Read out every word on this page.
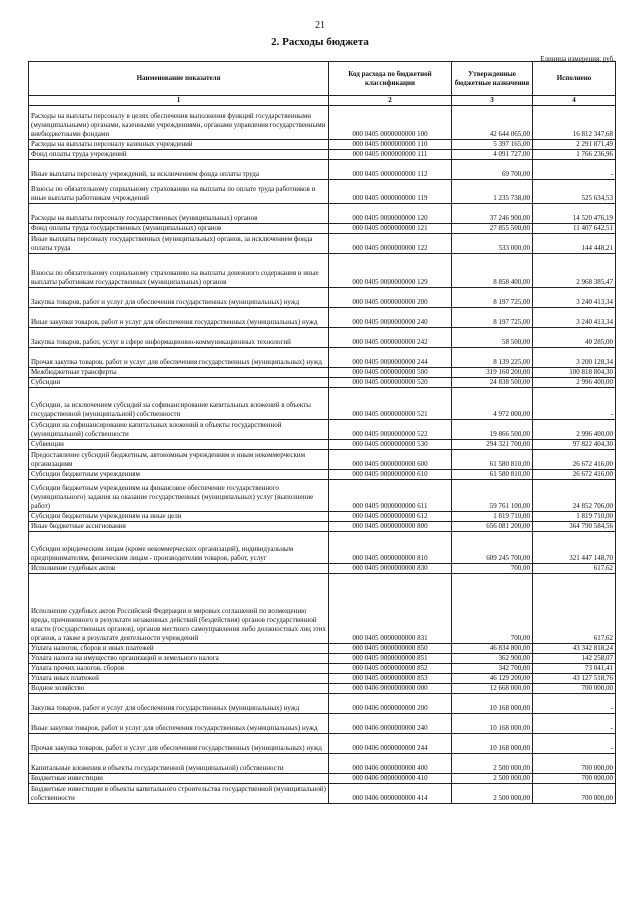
21
2. Расходы бюджета
Единица измерения: руб.
Наименование показателя	Код расхода по бюджетной классификации	Утвержденные бюджетные назначения	Исполнено
1	2	3	4
Расходы на выплаты персоналу в целях обеспечения выполнения функций государственными (муниципальными) органами, казенными учреждениями, органами управления государственными внебюджетными фондами	000 0405 0000000000 100	42 644 065,00	16 812 347,68
Расходы на выплаты персоналу казенных учреждений	000 0405 0000000000 110	5 397 165,00	2 291 871,49
Фонд оплаты труда учреждений	000 0405 0000000000 111	4 091 727,00	1 766 236,96
Иные выплаты персоналу учреждений, за исключением фонда оплаты труда	000 0405 0000000000 112	69 700,00	-
Взносы по обязательному социальному страхованию на выплаты по оплате труда работников и иные выплаты работникам учреждений	000 0405 0000000000 119	1 235 738,00	525 634,53
Расходы на выплаты персоналу государственных (муниципальных) органов	000 0405 0000000000 120	37 246 900,00	14 520 476,19
Фонд оплаты труда государственных (муниципальных) органов	000 0405 0000000000 121	27 855 500,00	11 407 642,51
Иные выплаты персоналу государственных (муниципальных) органов, за исключением фонда оплаты труда	000 0405 0000000000 122	533 000,00	144 448,21
Взносы по обязательному социальному страхованию на выплаты денежного содержания и иные выплаты работникам государственных (муниципальных) органов	000 0405 0000000000 129	8 858 400,00	2 968 385,47
Закупка товаров, работ и услуг для обеспечения государственных (муниципальных) нужд	000 0405 0000000000 200	8 197 725,00	3 240 413,34
Иные закупки товаров, работ и услуг для обеспечения государственных (муниципальных) нужд	000 0405 0000000000 240	8 197 725,00	3 240 413,34
Закупка товаров, работ, услуг в сфере информационно-коммуникационных технологий	000 0405 0000000000 242	58 500,00	40 285,00
Прочая закупка товаров, работ и услуг для обеспечения государственных (муниципальных) нужд	000 0405 0000000000 244	8 139 225,00	3 200 128,34
Межбюджетные трансферты	000 0405 0000000000 500	319 160 200,00	100 818 804,30
Субсидии	000 0405 0000000000 520	24 838 500,00	2 996 400,00
Субсидии, за исключением субсидий на софинансирование капитальных вложений в объекты государственной (муниципальной) собственности	000 0405 0000000000 521	4 972 000,00	-
Субсидии на софинансирование капитальных вложений в объекты государственной (муниципальной) собственности	000 0405 0000000000 522	19 866 500,00	2 996 400,00
Субвенции	000 0405 0000000000 530	294 321 700,00	97 822 404,30
Предоставление субсидий бюджетным, автономным учреждениям и иным некоммерческим организациям	000 0405 0000000000 600	61 580 810,00	26 672 416,00
Субсидии бюджетным учреждениям	000 0405 0000000000 610	61 580 810,00	26 672 416,00
Субсидии бюджетным учреждениям на финансовое обеспечение государственного (муниципального) задания на оказание государственных (муниципальных) услуг (выполнение работ)	000 0405 0000000000 611	59 761 100,00	24 852 706,00
Субсидии бюджетным учреждениям на иные цели	000 0405 0000000000 612	1 819 710,00	1 819 710,00
Иные бюджетные ассигнования	000 0405 0000000000 800	656 081 200,00	364 790 584,56
Субсидии юридическим лицам (кроме некоммерческих организаций), индивидуальным предпринимателям, физическим лицам - производителям товаров, работ, услуг	000 0405 0000000000 810	609 245 700,00	321 447 148,70
Исполнение судебных актов	000 0405 0000000000 830	700,00	617,62
Исполнение судебных актов Российской Федерации и мировых соглашений по возмещению вреда, причиненного в результате незаконных действий (бездействия) органов государственной власти (государственных органов), органов местного самоуправления либо должностных лиц этих органов, а также в результате деятельности учреждений	000 0405 0000000000 831	700,00	617,62
Уплата налогов, сборов и иных платежей	000 0405 0000000000 850	46 834 800,00	43 342 818,24
Уплата налога на имущество организаций и земельного налога	000 0405 0000000000 851	362 900,00	142 258,07
Уплата прочих налогов, сборов	000 0405 0000000000 852	342 700,00	73 041,41
Уплата иных платежей	000 0405 0000000000 853	46 129 200,00	43 127 518,76
Водное хозяйство	000 0406 0000000000 000	12 668 000,00	700 000,00
Закупка товаров, работ и услуг для обеспечения государственных (муниципальных) нужд	000 0406 0000000000 200	10 168 000,00	-
Иные закупки товаров, работ и услуг для обеспечения государственных (муниципальных) нужд	000 0406 0000000000 240	10 168 000,00	-
Прочая закупка товаров, работ и услуг для обеспечения государственных (муниципальных) нужд	000 0406 0000000000 244	10 168 000,00	-
Капитальные вложения в объекты государственной (муниципальной) собственности	000 0406 0000000000 400	2 500 000,00	700 000,00
Бюджетные инвестиции	000 0406 0000000000 410	2 500 000,00	700 000,00
Бюджетные инвестиции в объекты капитального строительства государственной (муниципальной) собственности	000 0406 0000000000 414	2 500 000,00	700 000,00
